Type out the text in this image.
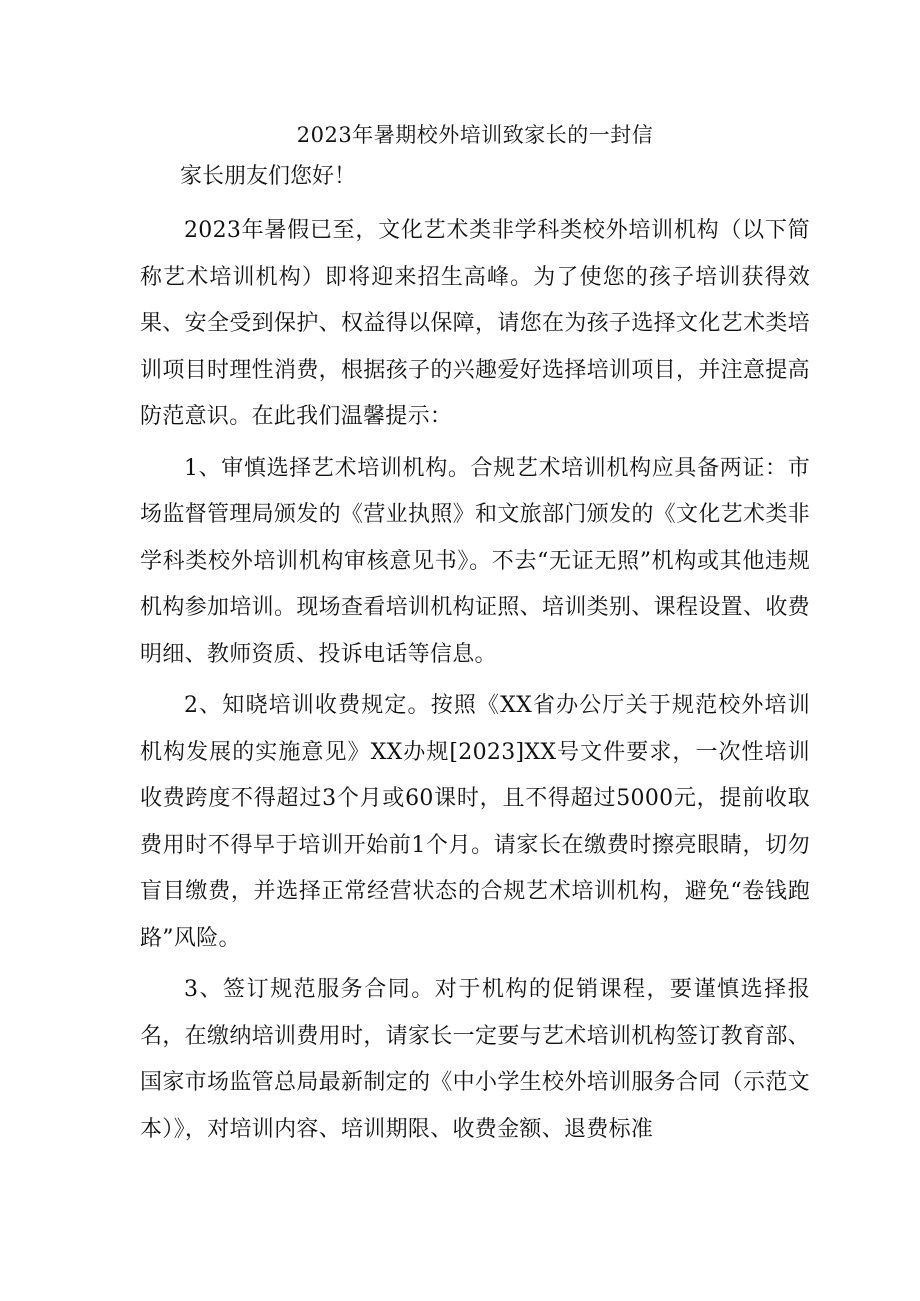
2023年暑期校外培训致家长的一封信
家长朋友们您好！

2023年暑假已至，文化艺术类非学科类校外培训机构（以下简称艺术培训机构）即将迎来招生高峰。为了使您的孩子培训获得效果、安全受到保护、权益得以保障，请您在为孩子选择文化艺术类培训项目时理性消费，根据孩子的兴趣爱好选择培训项目，并注意提高防范意识。在此我们温馨提示：

1、审慎选择艺术培训机构。合规艺术培训机构应具备两证：市场监督管理局颁发的《营业执照》和文旅部门颁发的《文化艺术类非学科类校外培训机构审核意见书》。不去“无证无照”机构或其他违规机构参加培训。现场查看培训机构证照、培训类别、课程设置、收费明细、教师资质、投诉电话等信息。

2、知晓培训收费规定。按照《XX省办公厅关于规范校外培训机构发展的实施意见》XX办规[2023]XX号文件要求，一次性培训收费跨度不得超过3个月或60课时，且不得超过5000元，提前收取费用时不得早于培训开始前1个月。请家长在缴费时擦亮眼睛，切勿盲目缴费，并选择正常经营状态的合规艺术培训机构，避免“卷钱跑路”风险。

3、签订规范服务合同。对于机构的促销课程，要谨慎选择报名，在缴纳培训费用时，请家长一定要与艺术培训机构签订教育部、国家市场监管总局最新制定的《中小学生校外培训服务合同（示范文本）》，对培训内容、培训期限、收费金额、退费标准
